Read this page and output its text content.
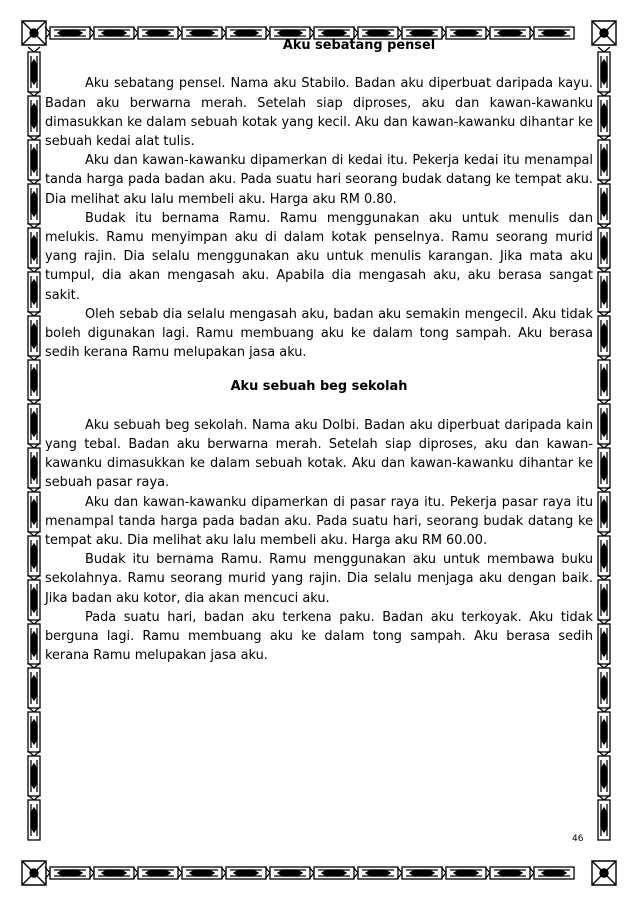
Aku sebatang pensel

Aku sebatang pensel. Nama aku Stabilo. Badan aku diperbuat daripada kayu. Badan aku berwarna merah. Setelah siap diproses, aku dan kawan-kawanku dimasukkan ke dalam sebuah kotak yang kecil. Aku dan kawan-kawanku dihantar ke sebuah kedai alat tulis.

Aku dan kawan-kawanku dipamerkan di kedai itu. Pekerja kedai itu menampal tanda harga pada badan aku. Pada suatu hari seorang budak datang ke tempat aku. Dia melihat aku lalu membeli aku. Harga aku RM 0.80.

Budak itu bernama Ramu. Ramu menggunakan aku untuk menulis dan melukis. Ramu menyimpan aku di dalam kotak penselnya. Ramu seorang murid yang rajin. Dia selalu menggunakan aku untuk menulis karangan. Jika mata aku tumpul, dia akan mengasah aku. Apabila dia mengasah aku, aku berasa sangat sakit.

Oleh sebab dia selalu mengasah aku, badan aku semakin mengecil. Aku tidak boleh digunakan lagi. Ramu membuang aku ke dalam tong sampah. Aku berasa sedih kerana Ramu melupakan jasa aku.

Aku sebuah beg sekolah

Aku sebuah beg sekolah. Nama aku Dolbi. Badan aku diperbuat daripada kain yang tebal. Badan aku berwarna merah. Setelah siap diproses, aku dan kawan-kawanku dimasukkan ke dalam sebuah kotak. Aku dan kawan-kawanku dihantar ke sebuah pasar raya.

Aku dan kawan-kawanku dipamerkan di pasar raya itu. Pekerja pasar raya itu menampal tanda harga pada badan aku. Pada suatu hari, seorang budak datang ke tempat aku. Dia melihat aku lalu membeli aku. Harga aku RM 60.00.

Budak itu bernama Ramu. Ramu menggunakan aku untuk membawa buku sekolahnya. Ramu seorang murid yang rajin. Dia selalu menjaga aku dengan baik. Jika badan aku kotor, dia akan mencuci aku.

Pada suatu hari, badan aku terkena paku. Badan aku terkoyak. Aku tidak berguna lagi. Ramu membuang aku ke dalam tong sampah. Aku berasa sedih kerana Ramu melupakan jasa aku.

46
